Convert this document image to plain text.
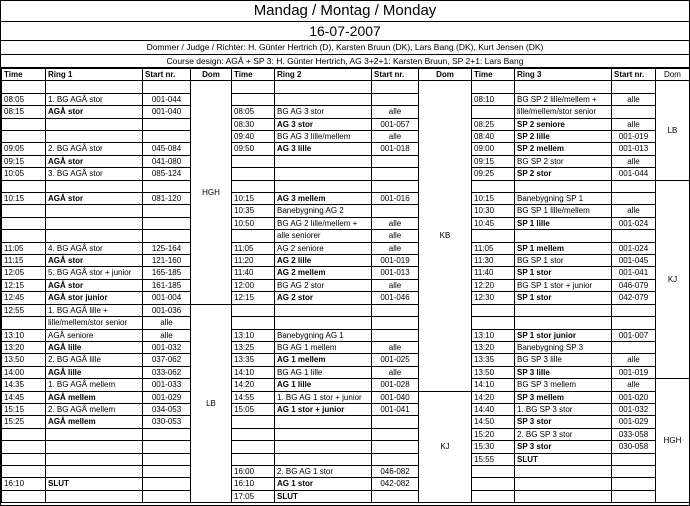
Mandag / Montag / Monday
16-07-2007
Dommer / Judge / Richter: H. Günter Hertrich (D), Karsten Bruun (DK), Lars Bang (DK), Kurt Jensen (DK)
Course design: AGÅ + SP 3: H. Günter Hertrich, AG 3+2+1: Karsten Bruun, SP 2+1: Lars Bang
Time	Ring 1	Start nr.	Dom	Time	Ring 2	Start nr.	Dom	Time	Ring 3	Start nr.	Dom
			HGH				KB				LB
08:05	1. BG AGÅ stor	001-044						08:10	BG SP 2 lille/mellem +	alle	
08:15	AGÅ stor	001-040		08:05	BG AG 3 stor	alle			lille/mellem/stor senior		
				08:30	AG 3 stor	001-057		08:25	SP 2 seniore	alle	
				09:40	BG AG 3 lille/mellem	alle		08:40	SP 2 lille	001-019	
09:05	2. BG AGÅ stor	045-084		09:50	AG 3 lille	001-018		09:00	SP 2 mellem	001-013	
09:15	AGÅ stor	041-080						09:15	BG SP 2 stor	alle	
10:05	3. BG AGÅ stor	085-124						09:25	SP 2 stor	001-044	
											KJ
10:15	AGÅ stor	081-120		10:15	AG 3 mellem	001-016		10:15	Banebygning SP 1		
				10:35	Banebygning AG 2			10:30	BG SP 1 lille/mellem	alle	
				10:50	BG AG 2 lille/mellem +	alle		10:45	SP 1 lille	001-024	
					alle seniorer	alle					
11:05	4. BG AGÅ stor	125-164		11:05	AG 2 seniore	alle		11:05	SP 1 mellem	001-024	
11:15	AGÅ stor	121-160		11:20	AG 2 lille	001-019		11:30	BG SP 1 stor	001-045	
12:05	5. BG AGÅ stor + junior	165-185		11:40	AG 2 mellem	001-013		11:40	SP 1 stor	001-041	
12:15	AGÅ stor	161-185		12:00	BG AG 2 stor	alle		12:20	BG SP 1 stor + junior	046-079	
12:45	AGÅ stor junior	001-004		12:15	AG 2 stor	001-046		12:30	SP 1 stor	042-079	
12:55	1. BG AGÅ lille +	001-036	LB								
	lille/mellem/stor senior	alle									
13:10	AGÅ seniore	alle		13:10	Banebygning AG 1			13:10	SP 1 stor junior	001-007	
13:20	AGÅ lille	001-032		13:25	BG AG 1 mellem	alle		13:20	Banebygning SP 3		
13:50	2. BG AGÅ lille	037-062		13:35	AG 1 mellem	001-025		13:35	BG SP 3 lille	alle	
14:00	AGÅ lille	033-062		14:10	BG AG 1 lille	alle		13:50	SP 3 lille	001-019	
14:35	1. BG AGÅ mellem	001-033		14:20	AG 1 lille	001-028		14:10	BG SP 3 mellem	alle	HGH
14:45	AGÅ mellem	001-029		14:55	1. BG AG 1 stor + junior	001-040	KJ	14:20	SP 3 mellem	001-020	
15:15	2. BG AGÅ mellem	034-053		15:05	AG 1 stor + junior	001-041		14:40	1. BG SP 3 stor	001-032	
15:25	AGÅ mellem	030-053						14:50	SP 3 stor	001-029	
								15:20	2. BG SP 3 stor	033-058	
								15:30	SP 3 stor	030-058	
								15:55	SLUT		
				16:00	2. BG AG 1 stor	046-082					
16:10	SLUT			16:10	AG 1 stor	042-082					
				17:05	SLUT						
